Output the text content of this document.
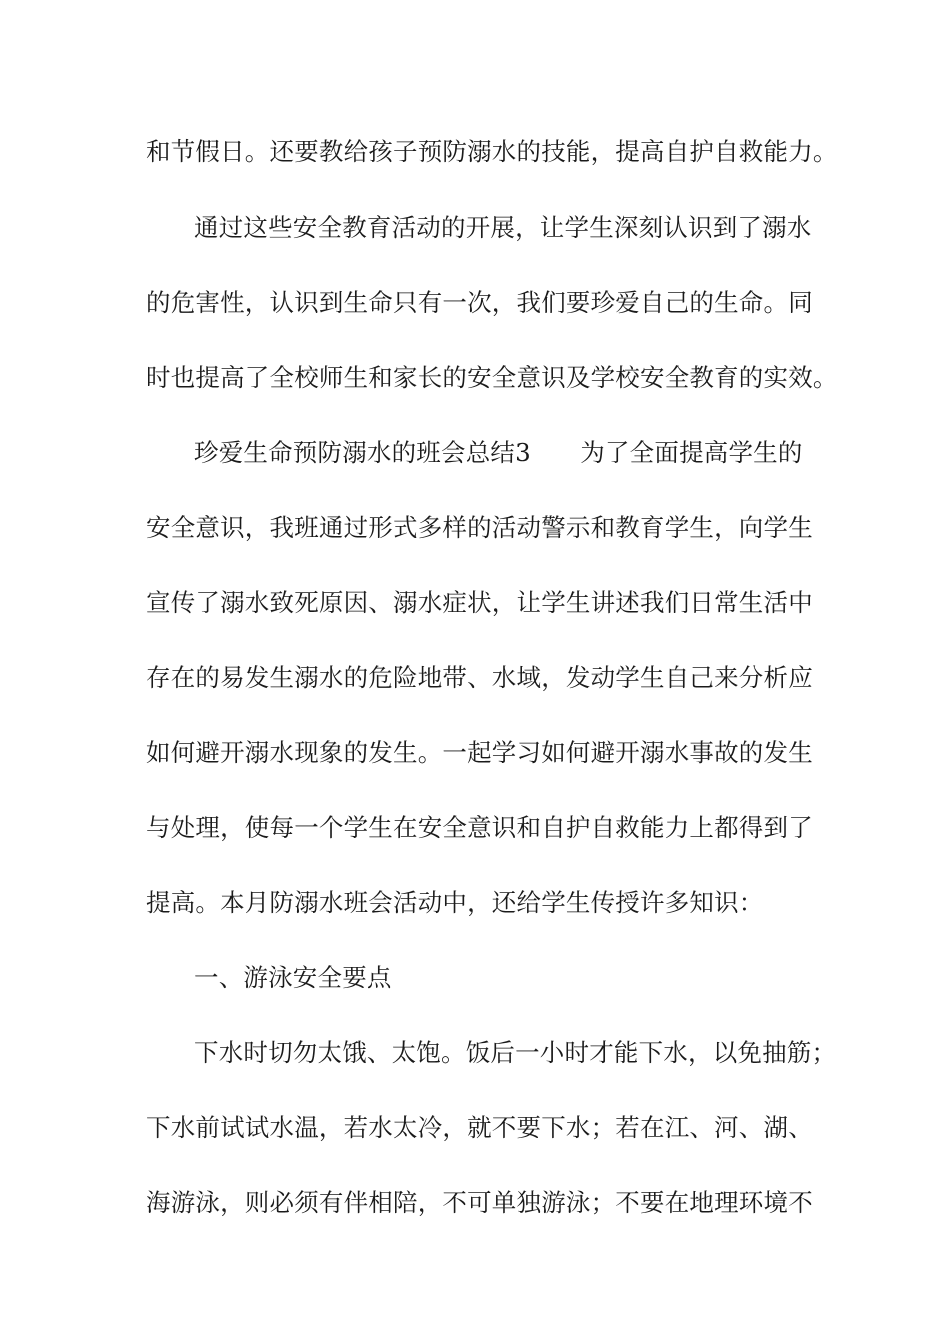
和节假日。还要教给孩子预防溺水的技能，提高自护自救能力。
通过这些安全教育活动的开展，让学生深刻认识到了溺水
的危害性，认识到生命只有一次，我们要珍爱自己的生命。同
时也提高了全校师生和家长的安全意识及学校安全教育的实效。
珍爱生命预防溺水的班会总结3　　为了全面提高学生的
安全意识，我班通过形式多样的活动警示和教育学生，向学生
宣传了溺水致死原因、溺水症状，让学生讲述我们日常生活中
存在的易发生溺水的危险地带、水域，发动学生自己来分析应
如何避开溺水现象的发生。一起学习如何避开溺水事故的发生
与处理，使每一个学生在安全意识和自护自救能力上都得到了
提高。本月防溺水班会活动中，还给学生传授许多知识：
一、游泳安全要点
下水时切勿太饿、太饱。饭后一小时才能下水，以免抽筋；
下水前试试水温，若水太冷，就不要下水；若在江、河、湖、
海游泳，则必须有伴相陪，不可单独游泳；不要在地理环境不
